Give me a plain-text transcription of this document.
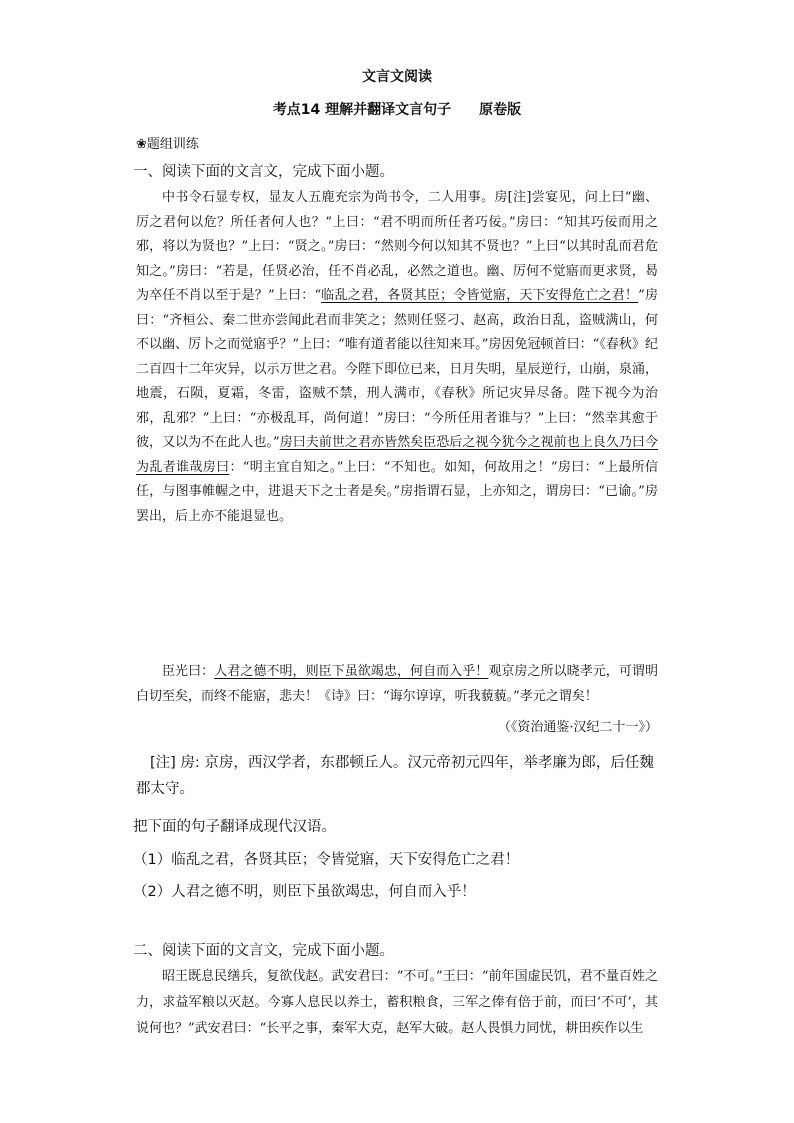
文言文阅读
考点14 理解并翻译文言句子 原卷版
❀题组训练
一、阅读下面的文言文，完成下面小题。
中书令石显专权，显友人五鹿充宗为尚书令，二人用事。房[注]尝宴见，问上曰“幽、厉之君何以危？所任者何人也？”上曰：“君不明而所任者巧佞。”房曰：“知其巧佞而用之邪，将以为贤也？”上曰：“贤之。”房曰：“然则今何以知其不贤也？”上曰“以其时乱而君危知之。”房曰：“若是，任贤必治，任不肖必乱，必然之道也。幽、厉何不觉寤而更求贤，曷为卒任不肖以至于是？”上曰：“临乱之君，各贤其臣；令皆觉寤，天下安得危亡之君！”房曰：“齐桓公、秦二世亦尝闻此君而非笑之；然则任竖刁、赵高，政治日乱，盗贼满山，何不以幽、厉卜之而觉寤乎？”上曰：“唯有道者能以往知来耳。”房因免冠顿首曰：“《春秋》纪二百四十二年灾异，以示万世之君。今陛下即位已来，日月失明，星辰逆行，山崩，泉涌，地震，石陨，夏霜，冬雷，盗贼不禁，刑人满市，《春秋》所记灾异尽备。陛下视今为治邪，乱邪？”上曰：“亦极乱耳，尚何道！”房曰：“今所任用者谁与？”上曰：“然幸其愈于彼，又以为不在此人也。”房曰夫前世之君亦皆然矣臣恐后之视今犹今之视前也上良久乃曰今为乱者谁哉房曰：“明主宜自知之。”上曰：“不知也。如知，何故用之！”房曰：“上最所信任，与图事帷幄之中，进退天下之士者是矣。”房指谓石显，上亦知之，谓房曰：“已谕。”房罢出，后上亦不能退显也。
臣光曰：人君之德不明，则臣下虽欲竭忠，何自而入乎！观京房之所以晓孝元，可谓明白切至矣，而终不能寤，悲夫！《诗》曰：“诲尔谆谆，听我藐藐。”孝元之谓矣！
（《资治通鉴·汉纪二十一》）
[注] 房: 京房，西汉学者，东郡顿丘人。汉元帝初元四年，举孝廉为郎，后任魏郡太守。
把下面的句子翻译成现代汉语。
（1）临乱之君，各贤其臣；令皆觉寤，天下安得危亡之君！
（2）人君之德不明，则臣下虽欲竭忠，何自而入乎！
二、阅读下面的文言文，完成下面小题。
昭王既息民缮兵，复欲伐赵。武安君曰：“不可。”王曰：“前年国虚民饥，君不量百姓之力，求益军粮以灭赵。今寡人息民以养士，蓄积粮食，三军之俸有倍于前，而曰‘不可’，其说何也？”武安君曰：“长平之事，秦军大克，赵军大破。赵人畏惧力同忧，耕田疾作以生
